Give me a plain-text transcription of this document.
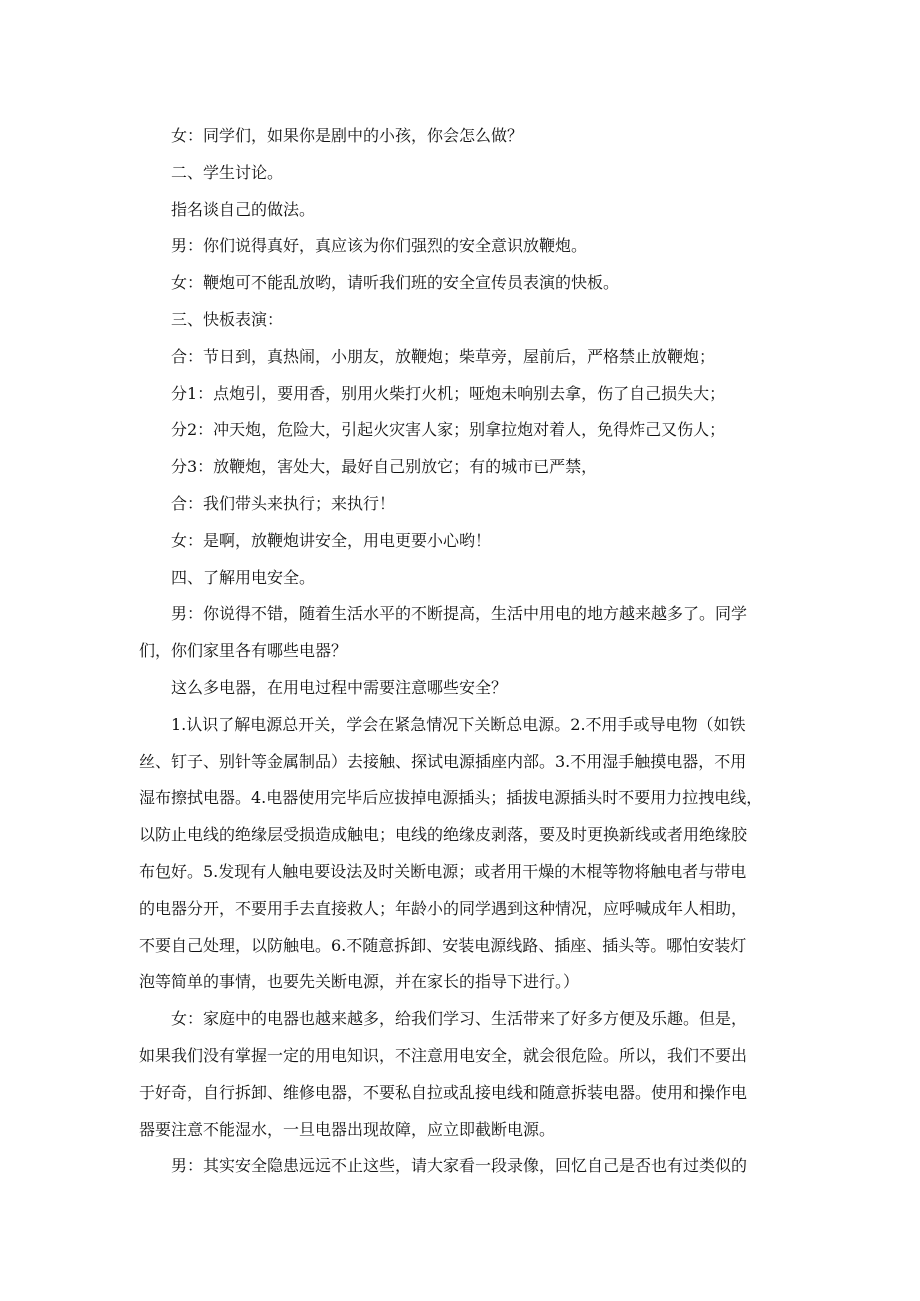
女：同学们，如果你是剧中的小孩，你会怎么做？

二、学生讨论。

指名谈自己的做法。

男：你们说得真好，真应该为你们强烈的安全意识放鞭炮。

女：鞭炮可不能乱放哟，请听我们班的安全宣传员表演的快板。

三、快板表演：

合：节日到，真热闹，小朋友，放鞭炮；柴草旁，屋前后，严格禁止放鞭炮；

分1：点炮引，要用香，别用火柴打火机；哑炮未响别去拿，伤了自己损失大；

分2：冲天炮，危险大，引起火灾害人家；别拿拉炮对着人，免得炸己又伤人；

分3：放鞭炮，害处大，最好自己别放它；有的城市已严禁，

合：我们带头来执行；来执行！

女：是啊，放鞭炮讲安全，用电更要小心哟！

四、了解用电安全。

男：你说得不错，随着生活水平的不断提高，生活中用电的地方越来越多了。同学
们，你们家里各有哪些电器？

这么多电器，在用电过程中需要注意哪些安全？

1.认识了解电源总开关，学会在紧急情况下关断总电源。2.不用手或导电物（如铁
丝、钉子、别针等金属制品）去接触、探试电源插座内部。3.不用湿手触摸电器，不用
湿布擦拭电器。4.电器使用完毕后应拔掉电源插头；插拔电源插头时不要用力拉拽电线，
以防止电线的绝缘层受损造成触电；电线的绝缘皮剥落，要及时更换新线或者用绝缘胶
布包好。5.发现有人触电要设法及时关断电源；或者用干燥的木棍等物将触电者与带电
的电器分开，不要用手去直接救人；年龄小的同学遇到这种情况，应呼喊成年人相助，
不要自己处理，以防触电。6.不随意拆卸、安装电源线路、插座、插头等。哪怕安装灯
泡等简单的事情，也要先关断电源，并在家长的指导下进行。）
女：家庭中的电器也越来越多，给我们学习、生活带来了好多方便及乐趣。但是，
如果我们没有掌握一定的用电知识，不注意用电安全，就会很危险。所以，我们不要出
于好奇，自行拆卸、维修电器，不要私自拉或乱接电线和随意拆装电器。使用和操作电
器要注意不能湿水，一旦电器出现故障，应立即截断电源。

男：其实安全隐患远远不止这些，请大家看一段录像，回忆自己是否也有过类似的
